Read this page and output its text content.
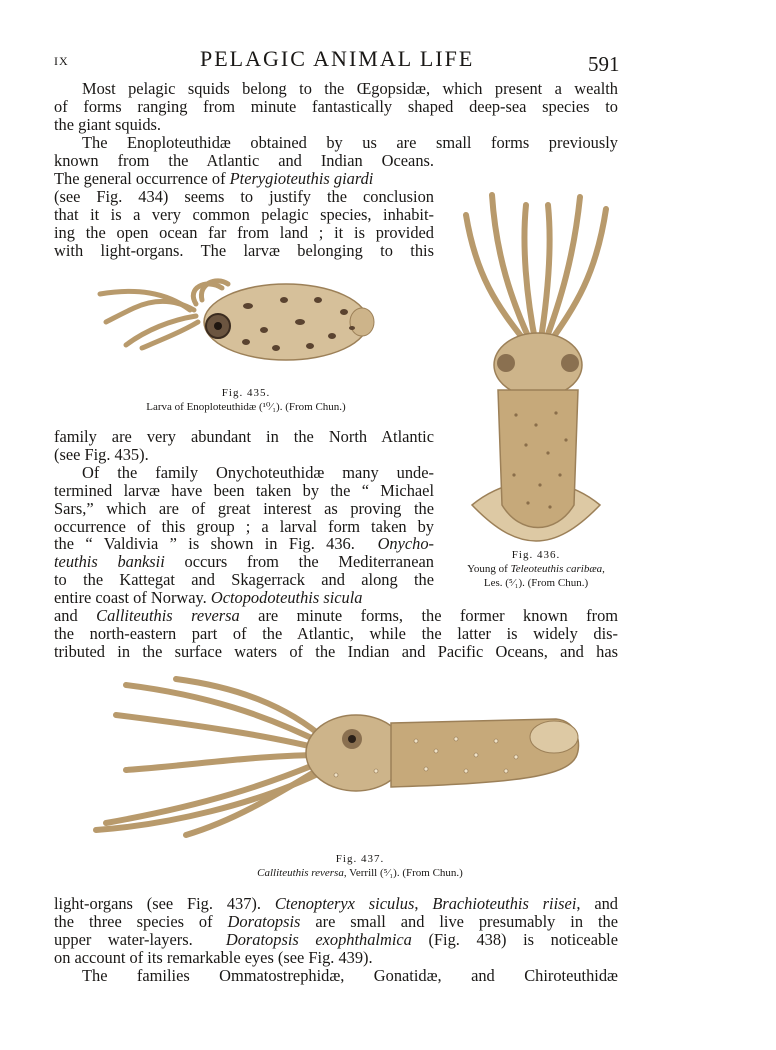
IX	PELAGIC ANIMAL LIFE	591
Most pelagic squids belong to the Œgopsidæ, which present a wealth
of forms ranging from minute fantastically shaped deep-sea species to
the giant squids.
The Enoploteuthidæ obtained by us are small forms previously
known from the Atlantic and Indian Oceans.
The general occurrence of Pterygioteuthis giardi
(see Fig. 434) seems to justify the conclusion
that it is a very common pelagic species, inhabit-
ing the open ocean far from land ; it is provided
with light-organs. The larvæ belonging to this
Fig. 435.
Larva of Enoploteuthidæ (¹⁰⁄₁). (From Chun.)
Fig. 436.
Young of Teleoteuthis caribæa,
Les. (⁵⁄₁). (From Chun.)
family are very abundant in the North Atlantic
(see Fig. 435).
Of the family Onychoteuthidæ many unde-
termined larvæ have been taken by the “ Michael
Sars,” which are of great interest as proving the
occurrence of this group ; a larval form taken by
the “ Valdivia ” is shown in Fig. 436. Onycho-
teuthis banksii occurs from the Mediterranean
to the Kattegat and Skagerrack and along the
entire coast of Norway. Octopodoteuthis sicula
and Calliteuthis reversa are minute forms, the former known from
the north-eastern part of the Atlantic, while the latter is widely dis-
tributed in the surface waters of the Indian and Pacific Oceans, and has
Fig. 437.
Calliteuthis reversa, Verrill (⁵⁄₁). (From Chun.)
light-organs (see Fig. 437). Ctenopteryx siculus, Brachioteuthis riisei, and
the three species of Doratopsis are small and live presumably in the
upper water-layers. Doratopsis exophthalmica (Fig. 438) is noticeable
on account of its remarkable eyes (see Fig. 439).
The families Ommatostrephidæ, Gonatidæ, and Chiroteuthidæ
